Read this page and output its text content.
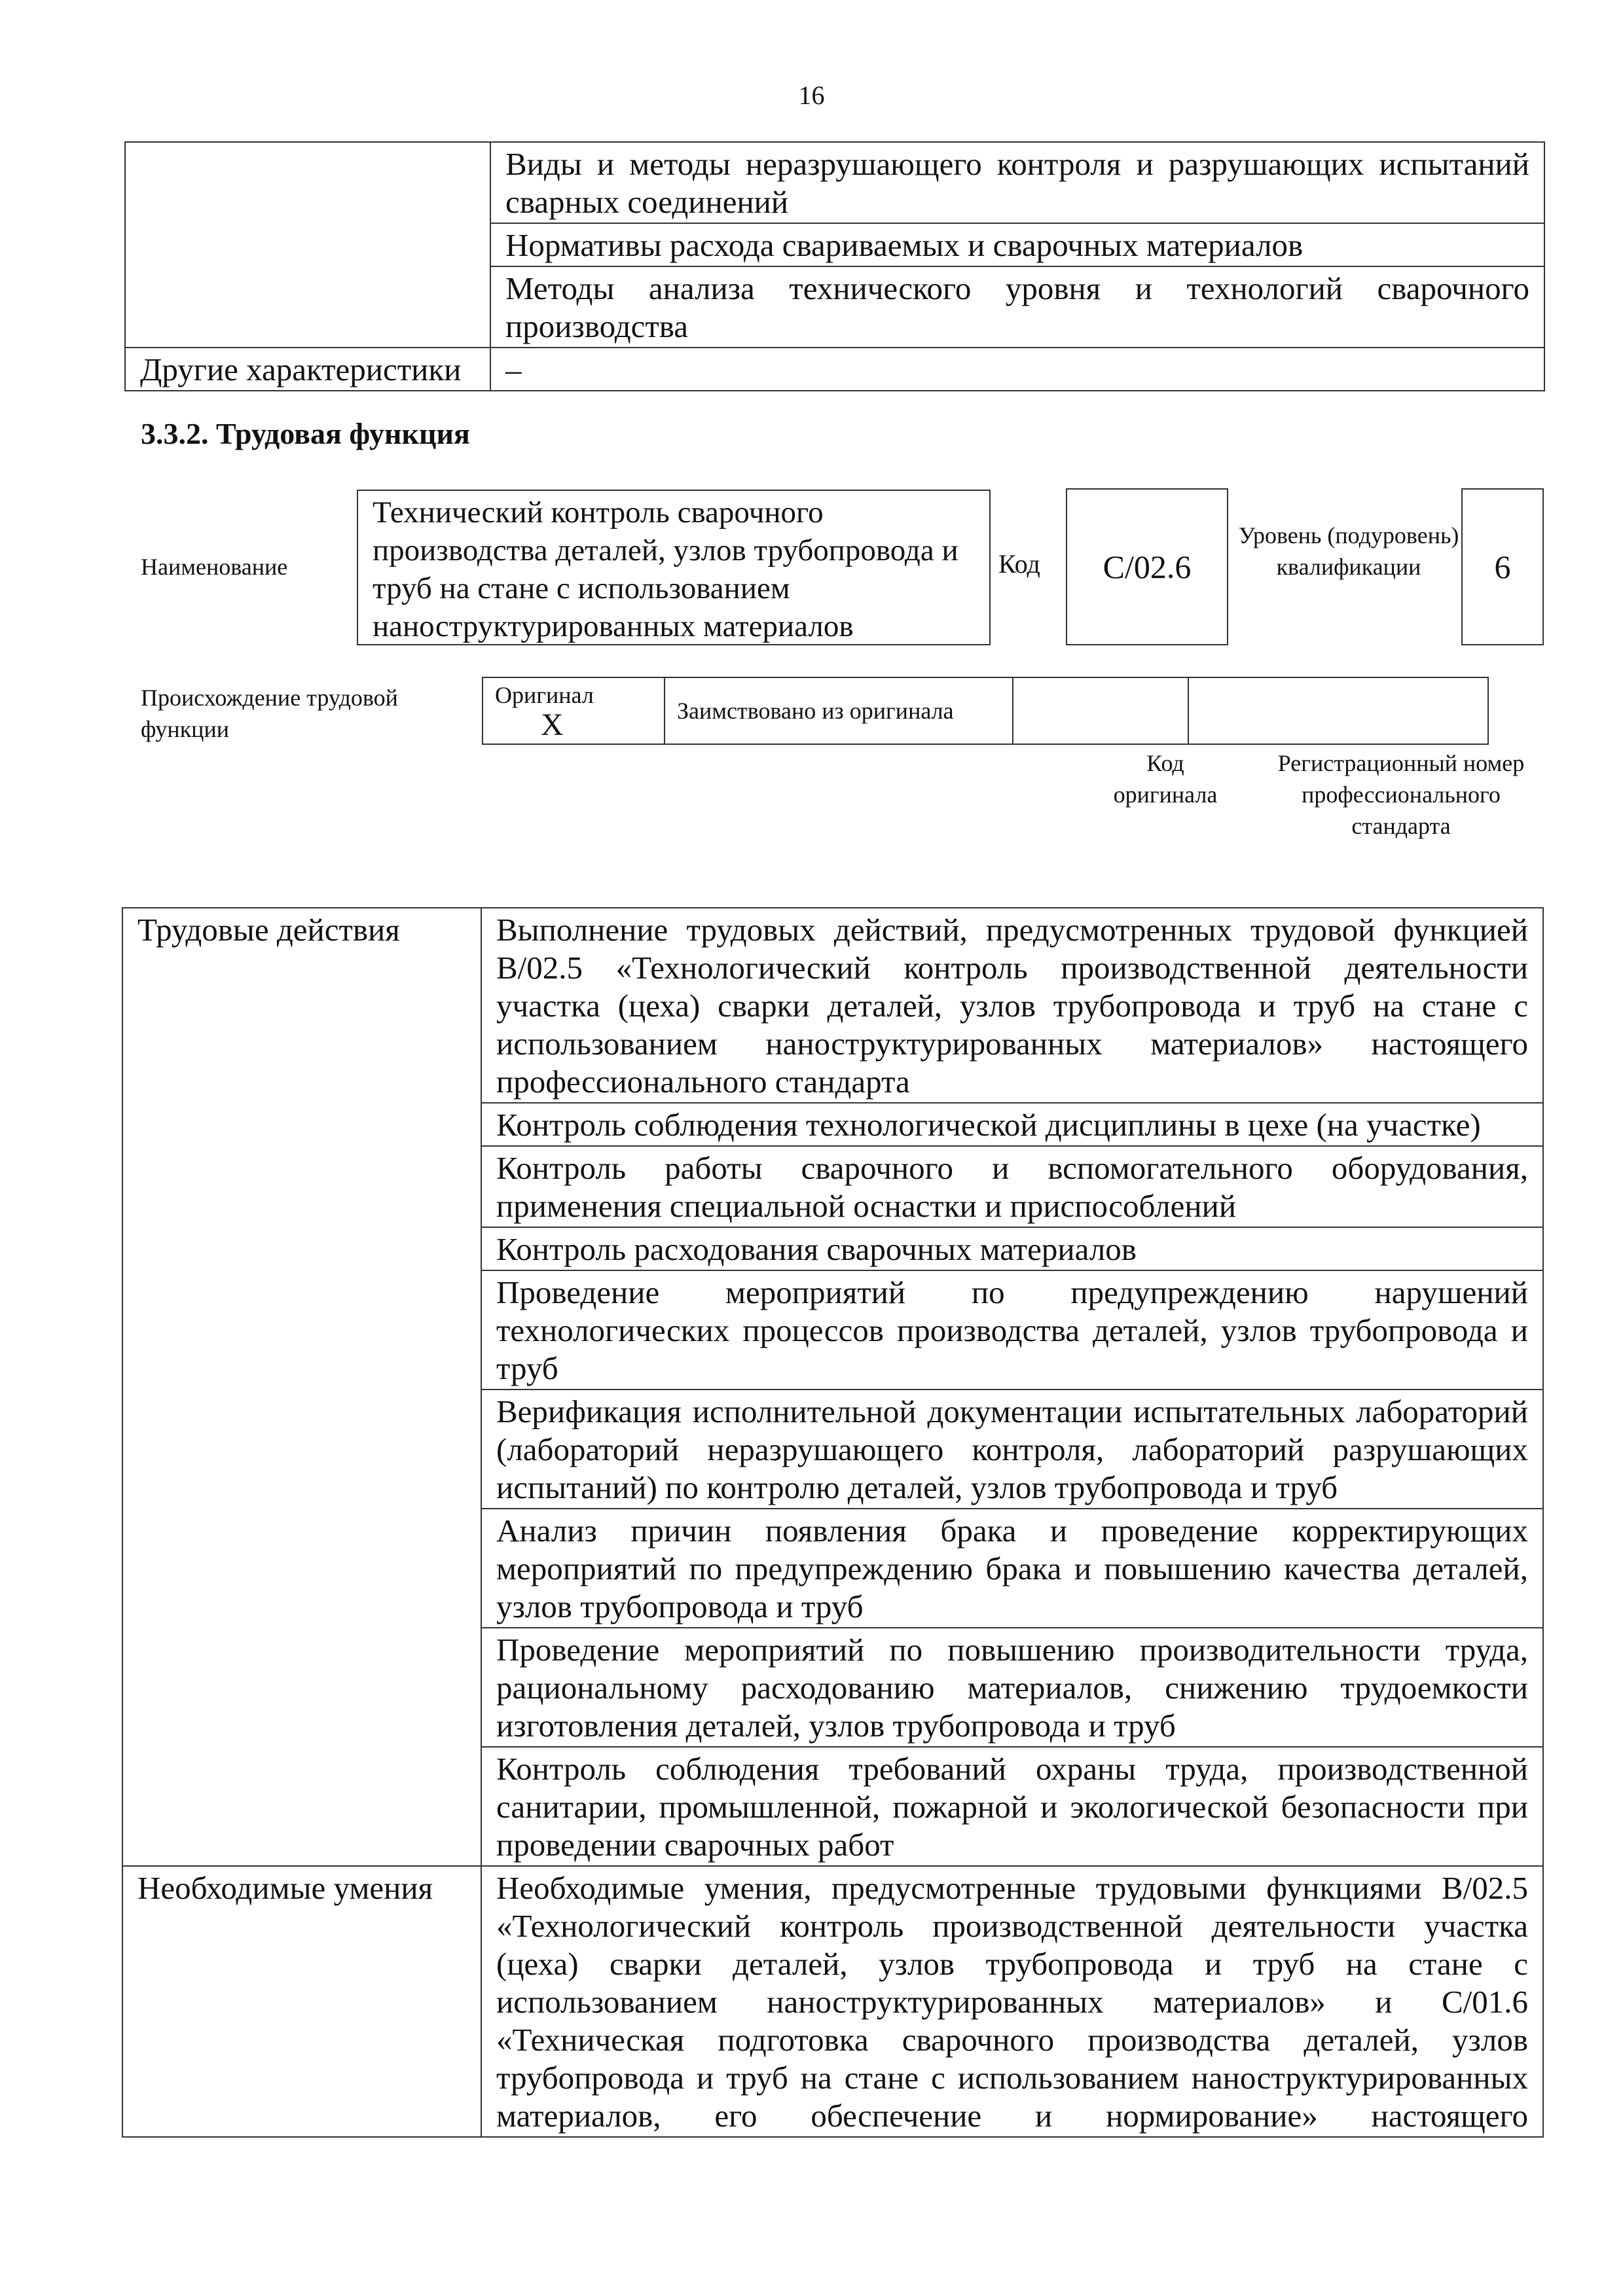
16
	Виды и методы неразрушающего контроля и разрушающих испытаний сварных соединений
	Нормативы расхода свариваемых и сварочных материалов
	Методы анализа технического уровня и технологий сварочного производства
Другие характеристики	–
3.3.2. Трудовая функция
Наименование
Технический контроль сварочного производства деталей, узлов трубопровода и труб на стане с использованием наноструктурированных материалов
Код	C/02.6
Уровень (подуровень) квалификации	6
Происхождение трудовой функции
Оригинал X	Заимствовано из оригинала		
Код оригинала
Регистрационный номер профессионального стандарта
Трудовые действия	Выполнение трудовых действий, предусмотренных трудовой функцией B/02.5 «Технологический контроль производственной деятельности участка (цеха) сварки деталей, узлов трубопровода и труб на стане с использованием наноструктурированных материалов» настоящего профессионального стандарта
	Контроль соблюдения технологической дисциплины в цехе (на участке)
	Контроль работы сварочного и вспомогательного оборудования, применения специальной оснастки и приспособлений
	Контроль расходования сварочных материалов
	Проведение мероприятий по предупреждению нарушений технологических процессов производства деталей, узлов трубопровода и труб
	Верификация исполнительной документации испытательных лабораторий (лабораторий неразрушающего контроля, лабораторий разрушающих испытаний) по контролю деталей, узлов трубопровода и труб
	Анализ причин появления брака и проведение корректирующих мероприятий по предупреждению брака и повышению качества деталей, узлов трубопровода и труб
	Проведение мероприятий по повышению производительности труда, рациональному расходованию материалов, снижению трудоемкости изготовления деталей, узлов трубопровода и труб
	Контроль соблюдения требований охраны труда, производственной санитарии, промышленной, пожарной и экологической безопасности при проведении сварочных работ
Необходимые умения	Необходимые умения, предусмотренные трудовыми функциями B/02.5 «Технологический контроль производственной деятельности участка (цеха) сварки деталей, узлов трубопровода и труб на стане с использованием наноструктурированных материалов» и C/01.6 «Техническая подготовка сварочного производства деталей, узлов трубопровода и труб на стане с использованием наноструктурированных материалов, его обеспечение и нормирование» настоящего
